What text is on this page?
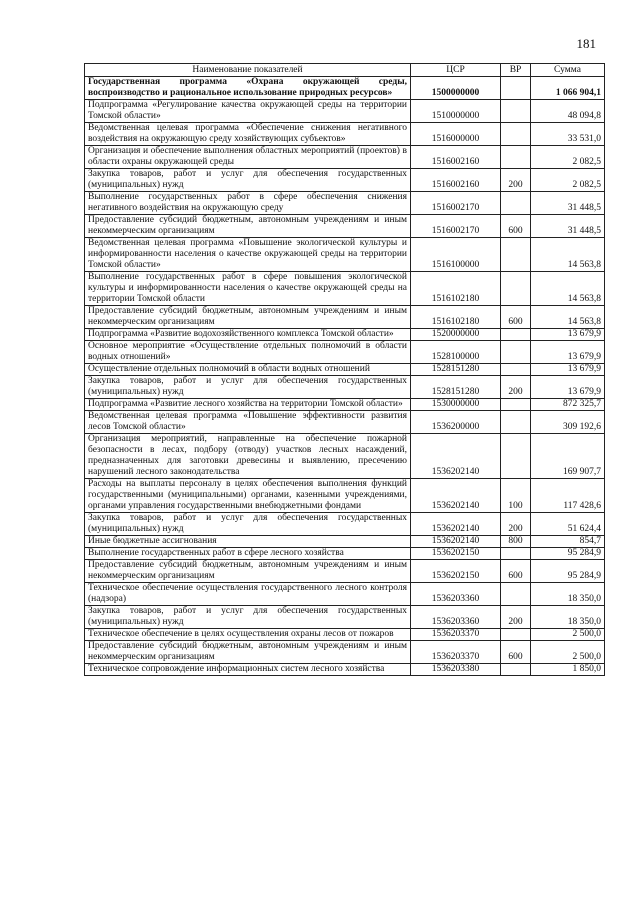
181
Наименование показателей	ЦСР	ВР	Сумма
Государственная программа «Охрана окружающей среды, воспроизводство и рациональное использование природных ресурсов»	1500000000		1 066 904,1
Подпрограмма «Регулирование качества окружающей среды на территории Томской области»	1510000000		48 094,8
Ведомственная целевая программа «Обеспечение снижения негативного воздействия на окружающую среду хозяйствующих субъектов»	1516000000		33 531,0
Организация и обеспечение выполнения областных мероприятий (проектов) в области охраны окружающей среды	1516002160		2 082,5
Закупка товаров, работ и услуг для обеспечения государственных (муниципальных) нужд	1516002160	200	2 082,5
Выполнение государственных работ в сфере обеспечения снижения негативного воздействия на окружающую среду	1516002170		31 448,5
Предоставление субсидий бюджетным, автономным учреждениям и иным некоммерческим организациям	1516002170	600	31 448,5
Ведомственная целевая программа «Повышение экологической культуры и информированности населения о качестве окружающей среды на территории Томской области»	1516100000		14 563,8
Выполнение государственных работ в сфере повышения экологической культуры и информированности населения о качестве окружающей среды на территории Томской области	1516102180		14 563,8
Предоставление субсидий бюджетным, автономным учреждениям и иным некоммерческим организациям	1516102180	600	14 563,8
Подпрограмма «Развитие водохозяйственного комплекса Томской области»	1520000000		13 679,9
Основное мероприятие «Осуществление отдельных полномочий в области водных отношений»	1528100000		13 679,9
Осуществление отдельных полномочий в области водных отношений	1528151280		13 679,9
Закупка товаров, работ и услуг для обеспечения государственных (муниципальных) нужд	1528151280	200	13 679,9
Подпрограмма «Развитие лесного хозяйства на территории Томской области»	1530000000		872 325,7
Ведомственная целевая программа «Повышение эффективности развития лесов Томской области»	1536200000		309 192,6
Организация мероприятий, направленные на обеспечение пожарной безопасности в лесах, подбору (отводу) участков лесных насаждений, предназначенных для заготовки древесины и выявлению, пресечению нарушений лесного законодательства	1536202140		169 907,7
Расходы на выплаты персоналу в целях обеспечения выполнения функций государственными (муниципальными) органами, казенными учреждениями, органами управления государственными внебюджетными фондами	1536202140	100	117 428,6
Закупка товаров, работ и услуг для обеспечения государственных (муниципальных) нужд	1536202140	200	51 624,4
Иные бюджетные ассигнования	1536202140	800	854,7
Выполнение государственных работ в сфере лесного хозяйства	1536202150		95 284,9
Предоставление субсидий бюджетным, автономным учреждениям и иным некоммерческим организациям	1536202150	600	95 284,9
Техническое обеспечение осуществления государственного лесного контроля (надзора)	1536203360		18 350,0
Закупка товаров, работ и услуг для обеспечения государственных (муниципальных) нужд	1536203360	200	18 350,0
Техническое обеспечение в целях осуществления охраны лесов от пожаров	1536203370		2 500,0
Предоставление субсидий бюджетным, автономным учреждениям и иным некоммерческим организациям	1536203370	600	2 500,0
Техническое сопровождение информационных систем лесного хозяйства	1536203380		1 850,0
